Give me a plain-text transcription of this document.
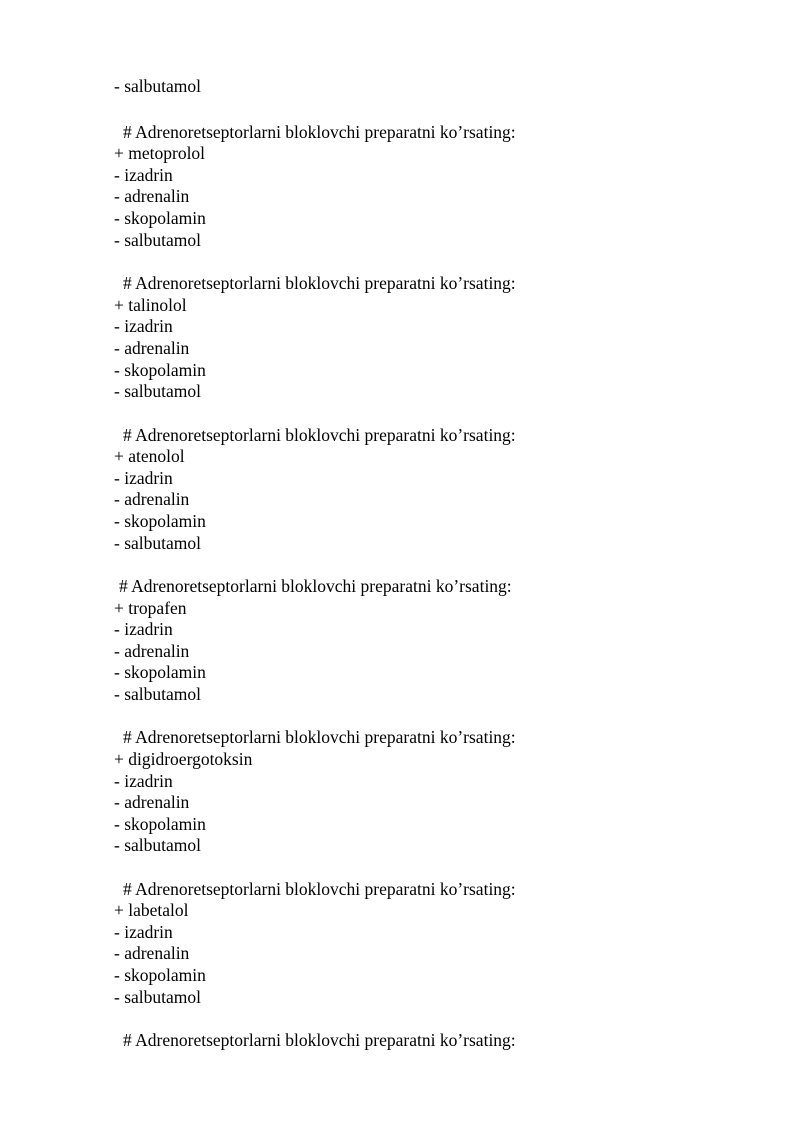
- salbutamol
# Adrenoretseptorlarni bloklovchi preparatni ko’rsating:
+ metoprolol
- izadrin
- adrenalin
- skopolamin
- salbutamol
# Adrenoretseptorlarni bloklovchi preparatni ko’rsating:
+ talinolol
- izadrin
- adrenalin
- skopolamin
- salbutamol
# Adrenoretseptorlarni bloklovchi preparatni ko’rsating:
+ atenolol
- izadrin
- adrenalin
- skopolamin
- salbutamol
# Adrenoretseptorlarni bloklovchi preparatni ko’rsating:
+ tropafen
- izadrin
- adrenalin
- skopolamin
- salbutamol
# Adrenoretseptorlarni bloklovchi preparatni ko’rsating:
+ digidroergotoksin
- izadrin
- adrenalin
- skopolamin
- salbutamol
# Adrenoretseptorlarni bloklovchi preparatni ko’rsating:
+ labetalol
- izadrin
- adrenalin
- skopolamin
- salbutamol
# Adrenoretseptorlarni bloklovchi preparatni ko’rsating:
